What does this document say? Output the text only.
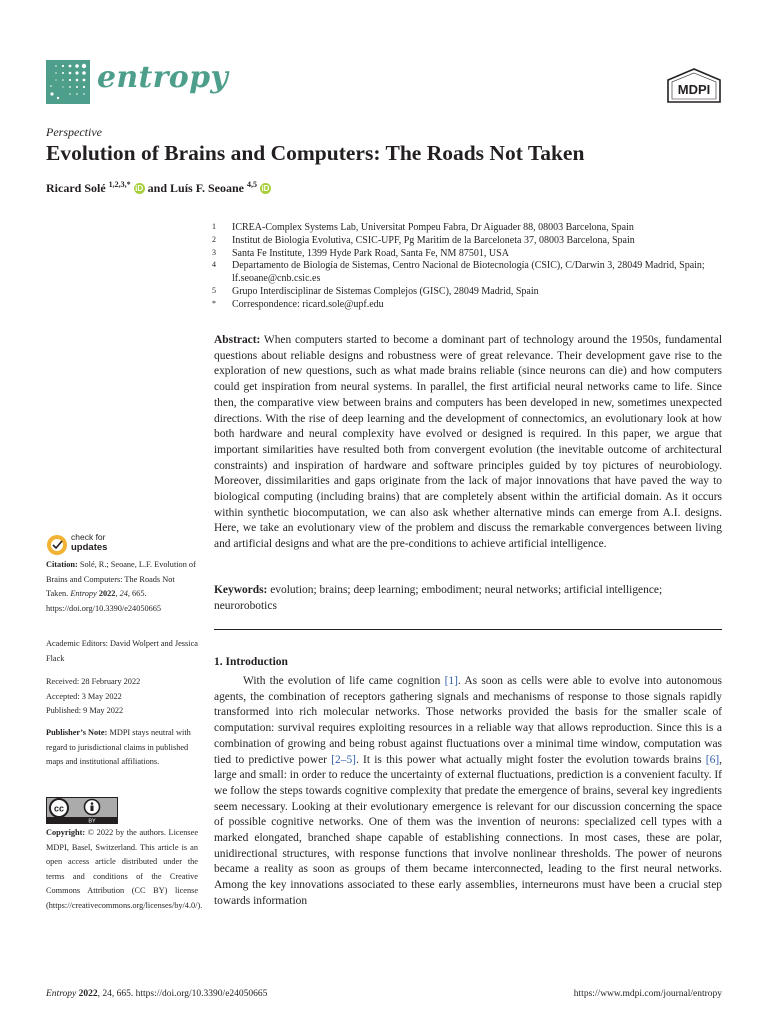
entropy	MDPI
Perspective
Evolution of Brains and Computers: The Roads Not Taken
Ricard Solé $^{1,2,3,*}$ iD and Luís F. Seoane $^{4,5}$ iD
1	ICREA-Complex Systems Lab, Universitat Pompeu Fabra, Dr Aiguader 88, 08003 Barcelona, Spain
2	Institut de Biologia Evolutiva, CSIC-UPF, Pg Maritim de la Barceloneta 37, 08003 Barcelona, Spain
3	Santa Fe Institute, 1399 Hyde Park Road, Santa Fe, NM 87501, USA
4	Departamento de Biología de Sistemas, Centro Nacional de Biotecnología (CSIC), C/Darwin 3, 28049 Madrid, Spain; lf.seoane@cnb.csic.es
5	Grupo Interdisciplinar de Sistemas Complejos (GISC), 28049 Madrid, Spain
*	Correspondence: ricard.sole@upf.edu
Abstract: When computers started to become a dominant part of technology around the 1950s, fundamental questions about reliable designs and robustness were of great relevance. Their development gave rise to the exploration of new questions, such as what made brains reliable (since neurons can die) and how computers could get inspiration from neural systems. In parallel, the first artificial neural networks came to life. Since then, the comparative view between brains and computers has been developed in new, sometimes unexpected directions. With the rise of deep learning and the development of connectomics, an evolutionary look at how both hardware and neural complexity have evolved or designed is required. In this paper, we argue that important similarities have resulted both from convergent evolution (the inevitable outcome of architectural constraints) and inspiration of hardware and software principles guided by toy pictures of neurobiology. Moreover, dissimilarities and gaps originate from the lack of major innovations that have paved the way to biological computing (including brains) that are completely absent within the artificial domain. As it occurs within synthetic biocomputation, we can also ask whether alternative minds can emerge from A.I. designs. Here, we take an evolutionary view of the problem and discuss the remarkable convergences between living and artificial designs and what are the pre-conditions to achieve artificial intelligence.
Keywords: evolution; brains; deep learning; embodiment; neural networks; artificial intelligence; neurorobotics
1. Introduction

With the evolution of life came cognition [1]. As soon as cells were able to evolve into autonomous agents, the combination of receptors gathering signals and mechanisms of response to those signals rapidly transformed into rich molecular networks. Those networks provided the basis for the smaller scale of computation: survival requires exploiting resources in a reliable way that allows reproduction. Since this is a combination of growing and being robust against fluctuations over a minimal time window, computation was tied to predictive power [2–5]. It is this power what actually might foster the evolution towards brains [6], large and small: in order to reduce the uncertainty of external fluctuations, prediction is a convenient faculty. If we follow the steps towards cognitive complexity that predate the emergence of brains, several key ingredients seem necessary. Looking at their evolutionary emergence is relevant for our discussion concerning the space of possible cognitive networks. One of them was the invention of neurons: specialized cell types with a marked elongated, branched shape capable of establishing connections. In most cases, these are polar, unidirectional structures, with response functions that involve nonlinear thresholds. The power of neurons became a reality as soon as groups of them became interconnected, leading to the first neural networks. Among the key innovations associated to these early assemblies, interneurons must have been a crucial step towards information

check for
updates
Citation: Solé, R.; Seoane, L.F. Evolution of Brains and Computers: The Roads Not Taken. Entropy 2022, 24, 665. https://doi.org/10.3390/e24050665
Academic Editors: David Wolpert and Jessica Flack
Received: 28 February 2022
Accepted: 3 May 2022
Published: 9 May 2022
Publisher’s Note: MDPI stays neutral with regard to jurisdictional claims in published maps and institutional affiliations.
cc
BY
Copyright: © 2022 by the authors. Licensee MDPI, Basel, Switzerland. This article is an open access article distributed under the terms and conditions of the Creative Commons Attribution (CC BY) license (https://creativecommons.org/licenses/by/4.0/).
Entropy 2022, 24, 665. https://doi.org/10.3390/e24050665	https://www.mdpi.com/journal/entropy
